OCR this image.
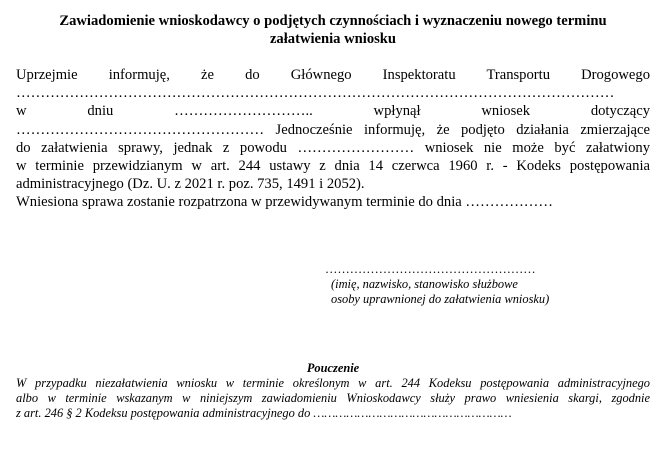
Zawiadomienie wnioskodawcy o podjętych czynnościach i wyznaczeniu nowego terminu
załatwienia wniosku
Uprzejmie informuję, że do Głównego Inspektoratu Transportu Drogowego
……………………………………………………………………………………………………………
w dniu ……………………….. wpłynął wniosek dotyczący
…………………………………………… Jednocześnie informuję, że podjęto działania zmierzające
do załatwienia sprawy, jednak z powodu …………………… wniosek nie może być załatwiony
w terminie przewidzianym w art. 244 ustawy z dnia 14 czerwca 1960 r. - Kodeks postępowania
administracyjnego (Dz. U. z 2021 r. poz. 735, 1491 i 2052).
Wniesiona sprawa zostanie rozpatrzona w przewidywanym terminie do dnia ………………
……………………………………………
(imię, nazwisko, stanowisko służbowe
osoby uprawnionej do załatwienia wniosku)
Pouczenie
W przypadku niezałatwienia wniosku w terminie określonym w art. 244 Kodeksu postępowania administracyjnego
albo w terminie wskazanym w niniejszym zawiadomieniu Wnioskodawcy służy prawo wniesienia skargi, zgodnie
z art. 246 § 2 Kodeksu postępowania administracyjnego do ………………………………………………
